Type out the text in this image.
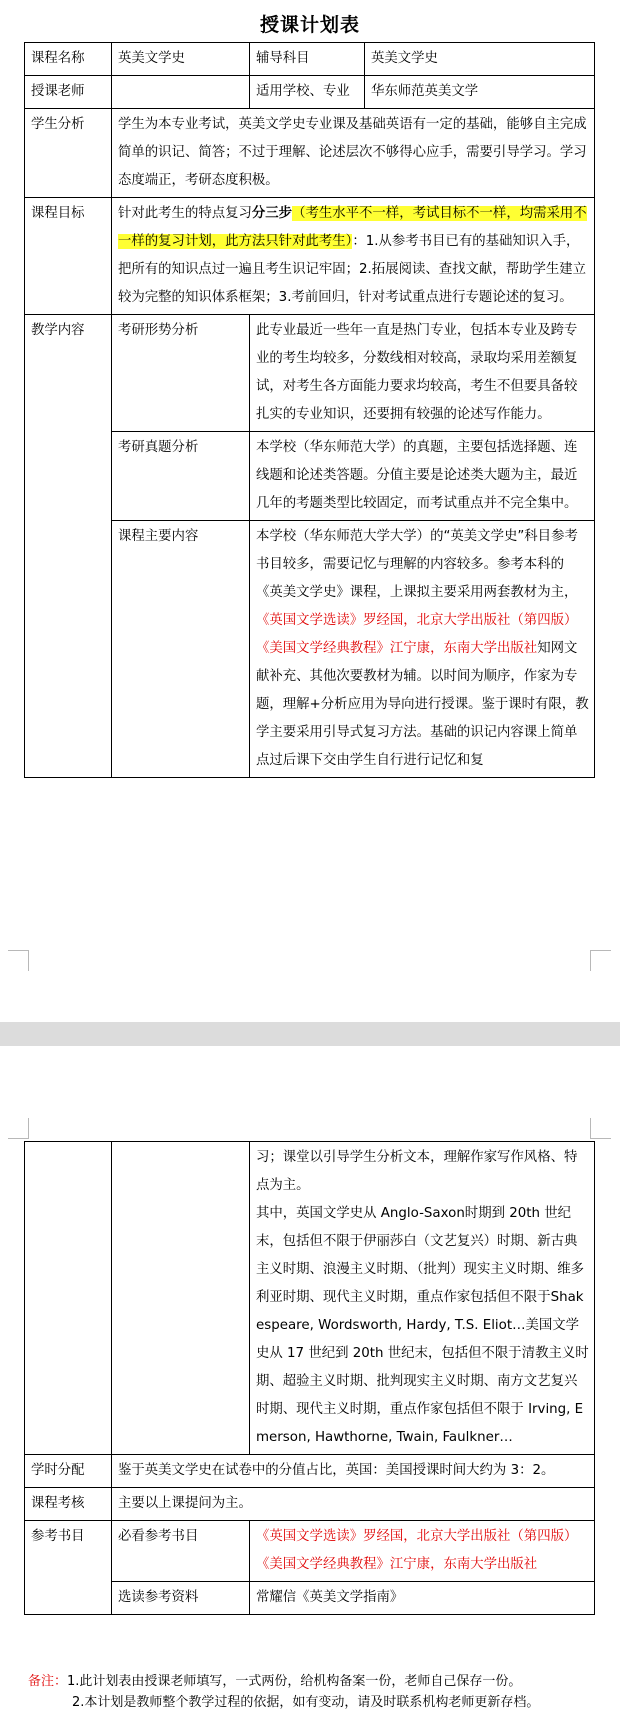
授课计划表
课程名称	英美文学史	辅导科目	英美文学史
授课老师		适用学校、专业	华东师范英美文学
学生分析	学生为本专业考试，英美文学史专业课及基础英语有一定的基础，能够自主完成简单的识记、简答；不过于理解、论述层次不够得心应手，需要引导学习。学习态度端正，考研态度积极。		
课程目标	针对此考生的特点复习分三步（考生水平不一样，考试目标不一样，均需采用不一样的复习计划，此方法只针对此考生）：1.从参考书目已有的基础知识入手，把所有的知识点过一遍且考生识记牢固；2.拓展阅读、查找文献，帮助学生建立较为完整的知识体系框架；3.考前回归，针对考试重点进行专题论述的复习。		
教学内容	考研形势分析	此专业最近一些年一直是热门专业，包括本专业及跨专业的考生均较多，分数线相对较高，录取均采用差额复试，对考生各方面能力要求均较高，考生不但要具备较扎实的专业知识，还要拥有较强的论述写作能力。	
	考研真题分析	本学校（华东师范大学）的真题，主要包括选择题、连线题和论述类答题。分值主要是论述类大题为主，最近几年的考题类型比较固定，而考试重点并不完全集中。	
	课程主要内容	本学校（华东师范大学大学）的“英美文学史”科目参考书目较多，需要记忆与理解的内容较多。参考本科的《英美文学史》课程，上课拟主要采用两套教材为主，《英国文学选读》罗经国，北京大学出版社（第四版）《美国文学经典教程》江宁康，东南大学出版社知网文献补充、其他次要教材为辅。以时间为顺序，作家为专题，理解+分析应用为导向进行授课。鉴于课时有限，教学主要采用引导式复习方法。基础的识记内容课上简单点过后课下交由学生自行进行记忆和复	

		习；课堂以引导学生分析文本，理解作家写作风格、特点为主。
其中，英国文学史从 Anglo-Saxon时期到 20th 世纪末，包括但不限于伊丽莎白（文艺复兴）时期、新古典主义时期、浪漫主义时期、（批判）现实主义时期、维多利亚时期、现代主义时期，重点作家包括但不限于Shakespeare, Wordsworth, Hardy, T.S. Eliot…美国文学史从 17 世纪到 20th 世纪末，包括但不限于清教主义时期、超验主义时期、批判现实主义时期、南方文艺复兴时期、现代主义时期，重点作家包括但不限于 Irving, Emerson, Hawthorne, Twain, Faulkner…

学时分配	鉴于英美文学史在试卷中的分值占比，英国：美国授课时间大约为 3：2。	
课程考核	主要以上课提问为主。	
参考书目	必看参考书目	《英国文学选读》罗经国，北京大学出版社（第四版）
《美国文学经典教程》江宁康，东南大学出版社

	选读参考资料	常耀信《英美文学指南》
备注：1.此计划表由授课老师填写，一式两份，给机构备案一份，老师自己保存一份。
2.本计划是教师整个教学过程的依据，如有变动，请及时联系机构老师更新存档。
